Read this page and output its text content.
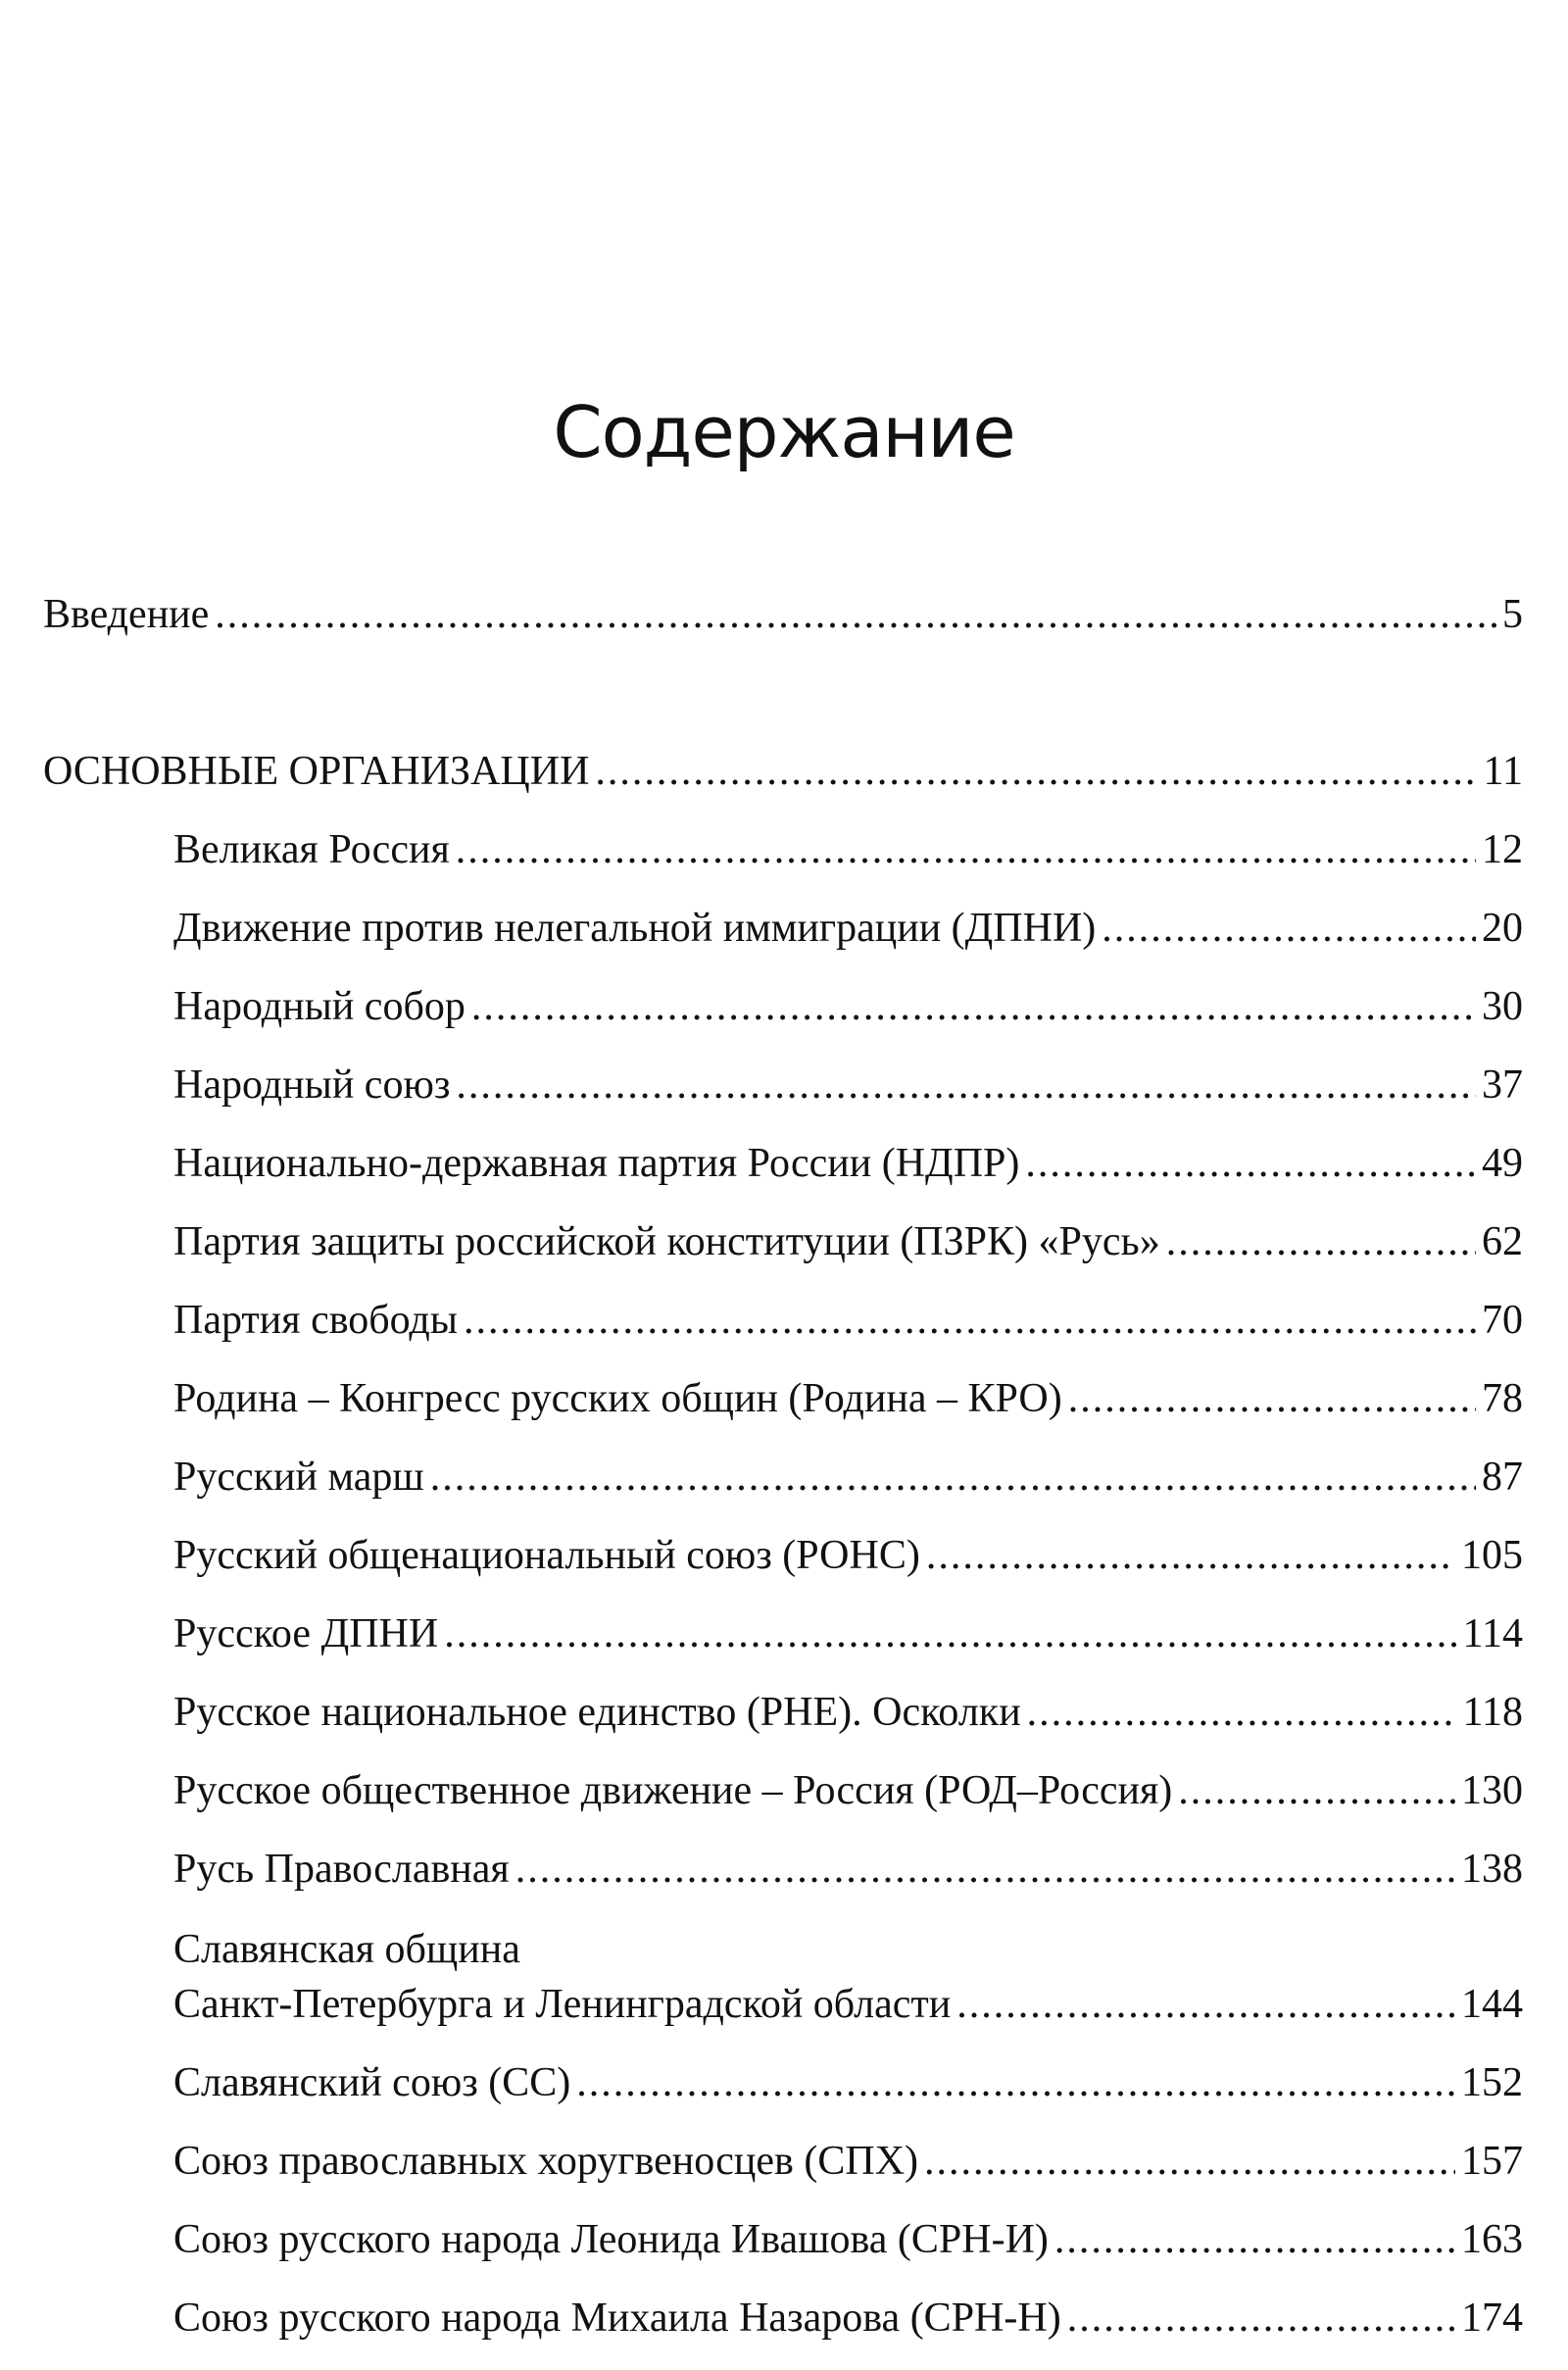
Содержание
Введение .....	5
ОСНОВНЫЕ ОРГАНИЗАЦИИ .....	11
Великая Россия .....	12
Движение против нелегальной иммиграции (ДПНИ) .....	20
Народный собор .....	30
Народный союз .....	37
Национально-державная партия России (НДПР) .....	49
Партия защиты российской конституции (ПЗРК) «Русь» .....	62
Партия свободы .....	70
Родина – Конгресс русских общин (Родина – КРО) .....	78
Русский марш .....	87
Русский общенациональный союз (РОНС) .....	105
Русское ДПНИ .....	114
Русское национальное единство (РНЕ). Осколки .....	118
Русское общественное движение – Россия (РОД–Россия) .....	130
Русь Православная .....	138
Славянская община
Санкт-Петербурга и Ленинградской области .....	144
Славянский союз (СС) .....	152
Союз православных хоругвеносцев (СПХ) .....	157
Союз русского народа Леонида Ивашова (СРН-И) .....	163
Союз русского народа Михаила Назарова (СРН-Н) .....	174
